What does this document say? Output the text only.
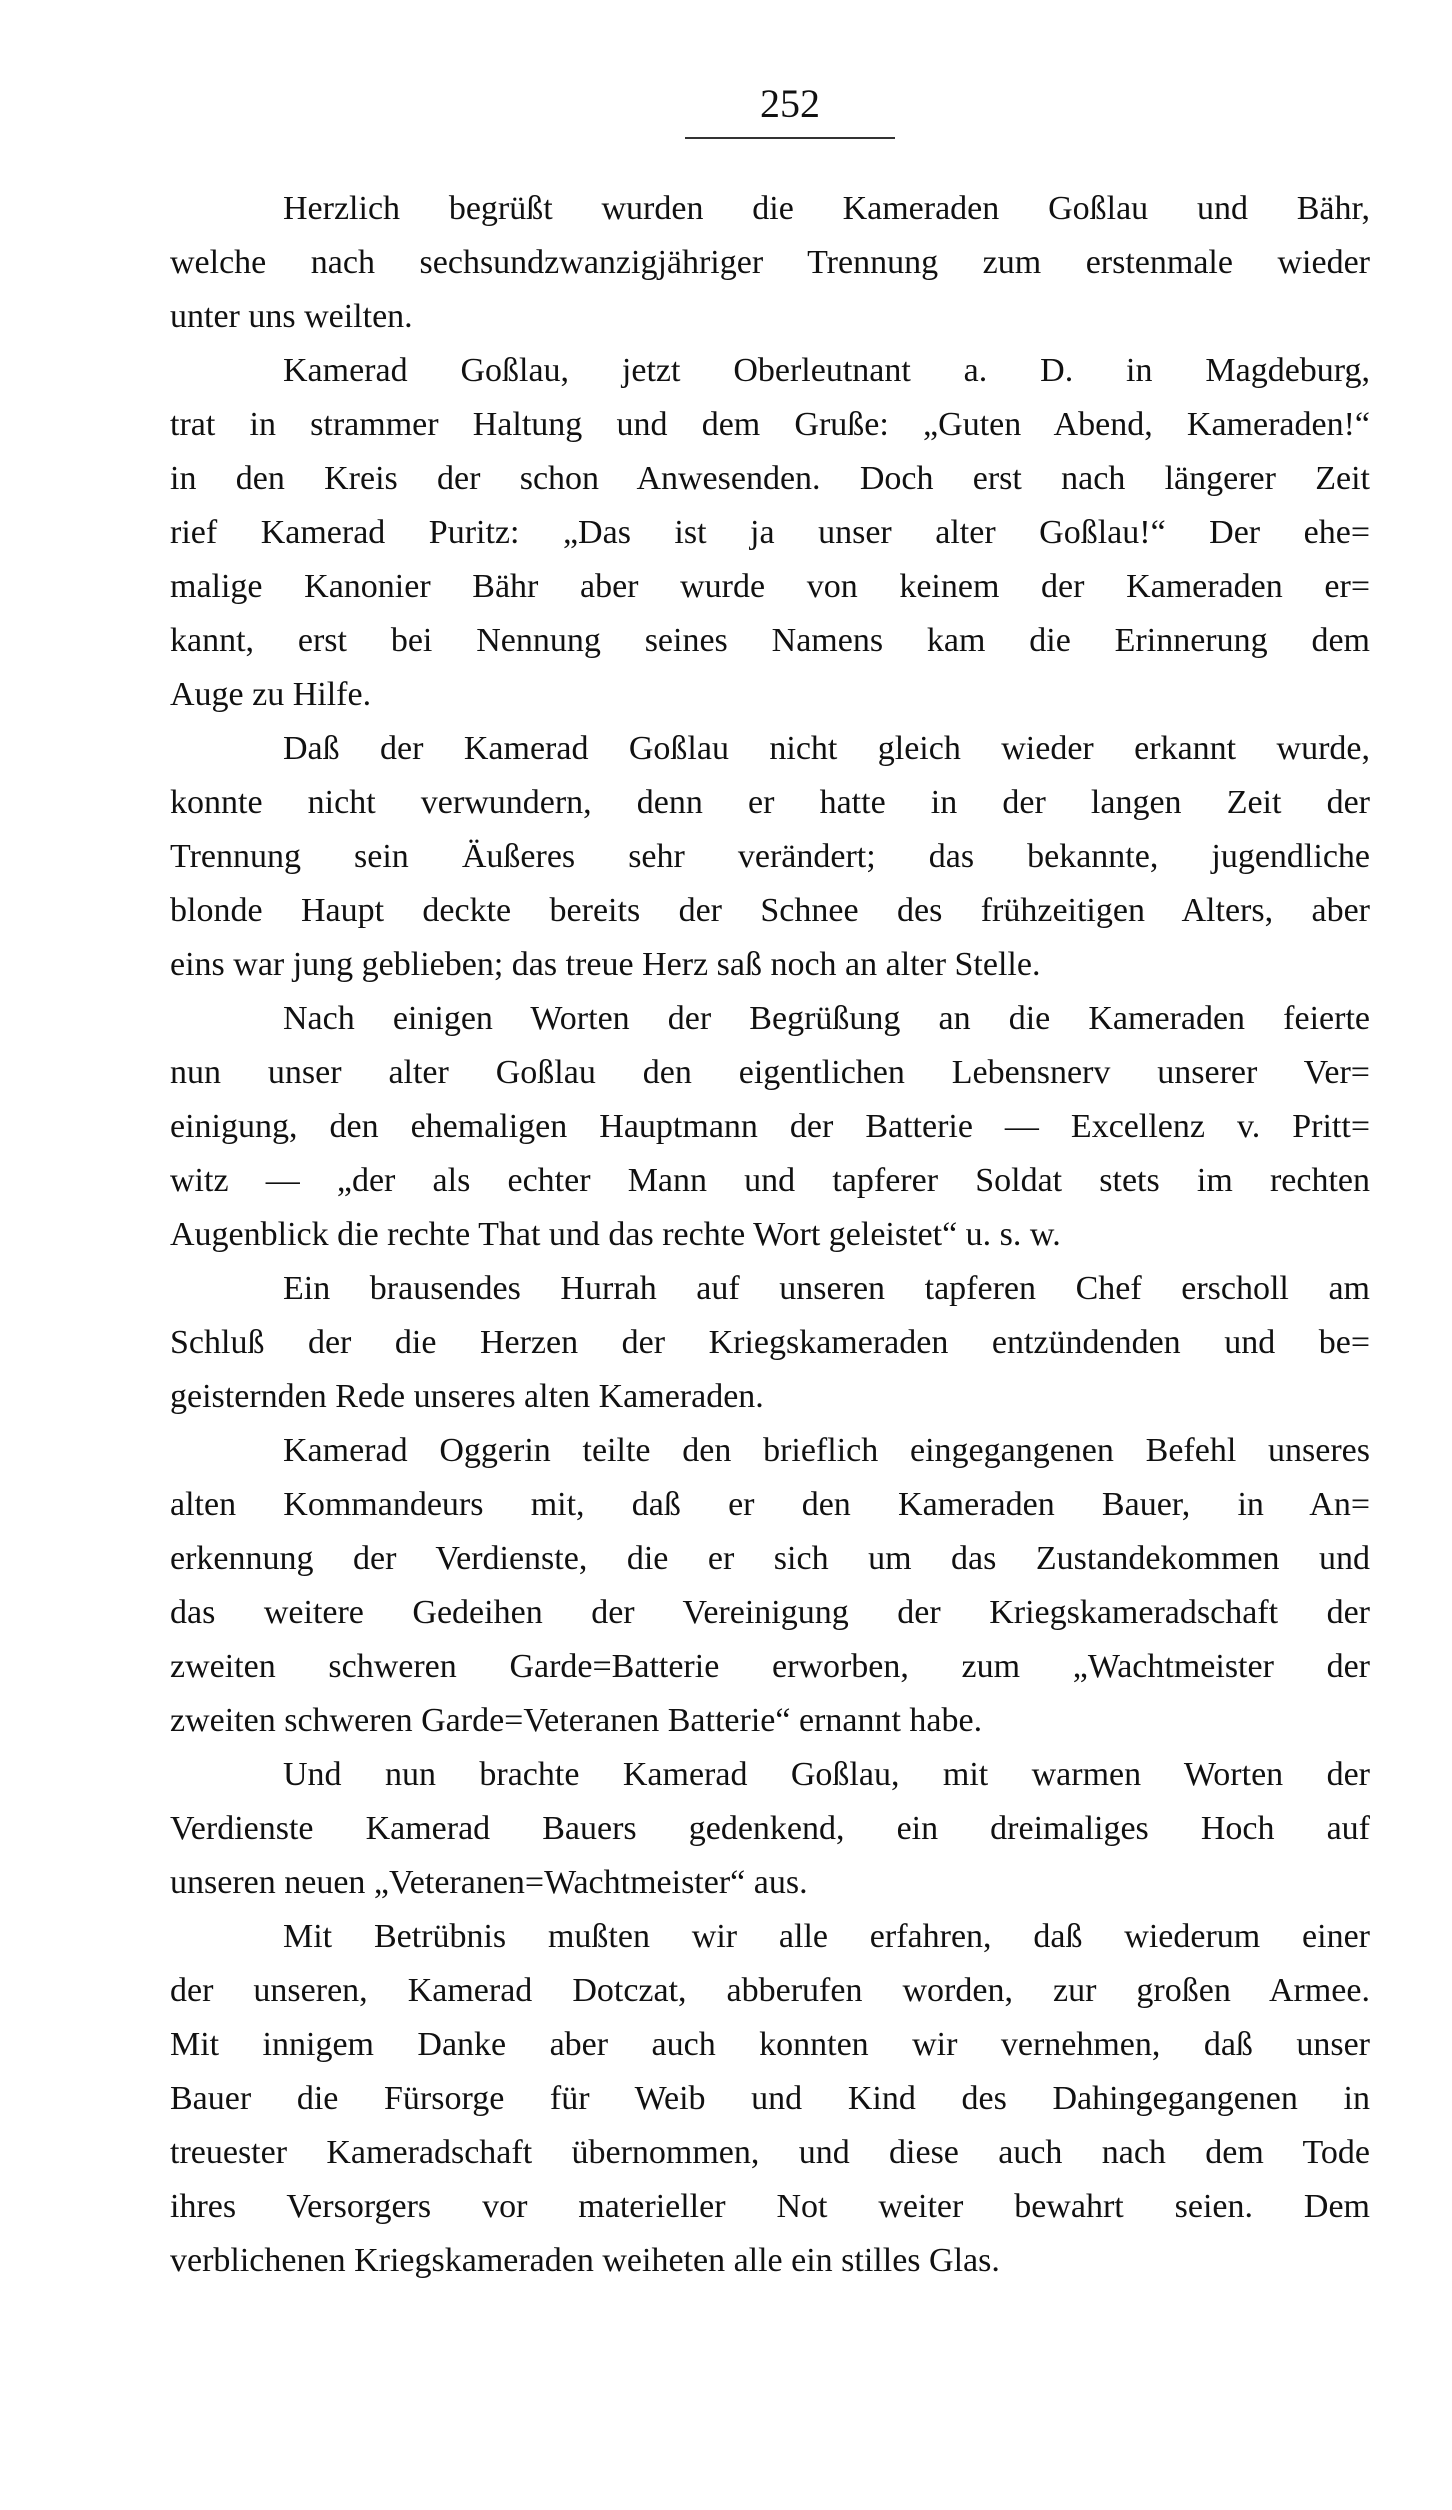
252
Herzlich begrüßt wurden die Kameraden Goßlau und Bähr,
welche nach sechsundzwanzigjähriger Trennung zum erstenmale wieder
unter uns weilten.
Kamerad Goßlau, jetzt Oberleutnant a. D. in Magdeburg,
trat in strammer Haltung und dem Gruße: „Guten Abend, Kameraden!“
in den Kreis der schon Anwesenden. Doch erst nach längerer Zeit
rief Kamerad Puritz: „Das ist ja unser alter Goßlau!“ Der ehe=
malige Kanonier Bähr aber wurde von keinem der Kameraden er=
kannt, erst bei Nennung seines Namens kam die Erinnerung dem
Auge zu Hilfe.
Daß der Kamerad Goßlau nicht gleich wieder erkannt wurde,
konnte nicht verwundern, denn er hatte in der langen Zeit der
Trennung sein Äußeres sehr verändert; das bekannte, jugendliche
blonde Haupt deckte bereits der Schnee des frühzeitigen Alters, aber
eins war jung geblieben; das treue Herz saß noch an alter Stelle.
Nach einigen Worten der Begrüßung an die Kameraden feierte
nun unser alter Goßlau den eigentlichen Lebensnerv unserer Ver=
einigung, den ehemaligen Hauptmann der Batterie — Excellenz v. Pritt=
witz — „der als echter Mann und tapferer Soldat stets im rechten
Augenblick die rechte That und das rechte Wort geleistet“ u. s. w.
Ein brausendes Hurrah auf unseren tapferen Chef erscholl am
Schluß der die Herzen der Kriegskameraden entzündenden und be=
geisternden Rede unseres alten Kameraden.
Kamerad Oggerin teilte den brieflich eingegangenen Befehl unseres
alten Kommandeurs mit, daß er den Kameraden Bauer, in An=
erkennung der Verdienste, die er sich um das Zustandekommen und
das weitere Gedeihen der Vereinigung der Kriegskameradschaft der
zweiten schweren Garde=Batterie erworben, zum „Wachtmeister der
zweiten schweren Garde=Veteranen Batterie“ ernannt habe.
Und nun brachte Kamerad Goßlau, mit warmen Worten der
Verdienste Kamerad Bauers gedenkend, ein dreimaliges Hoch auf
unseren neuen „Veteranen=Wachtmeister“ aus.
Mit Betrübnis mußten wir alle erfahren, daß wiederum einer
der unseren, Kamerad Dotczat, abberufen worden, zur großen Armee.
Mit innigem Danke aber auch konnten wir vernehmen, daß unser
Bauer die Fürsorge für Weib und Kind des Dahingegangenen in
treuester Kameradschaft übernommen, und diese auch nach dem Tode
ihres Versorgers vor materieller Not weiter bewahrt seien. Dem
verblichenen Kriegskameraden weiheten alle ein stilles Glas.
